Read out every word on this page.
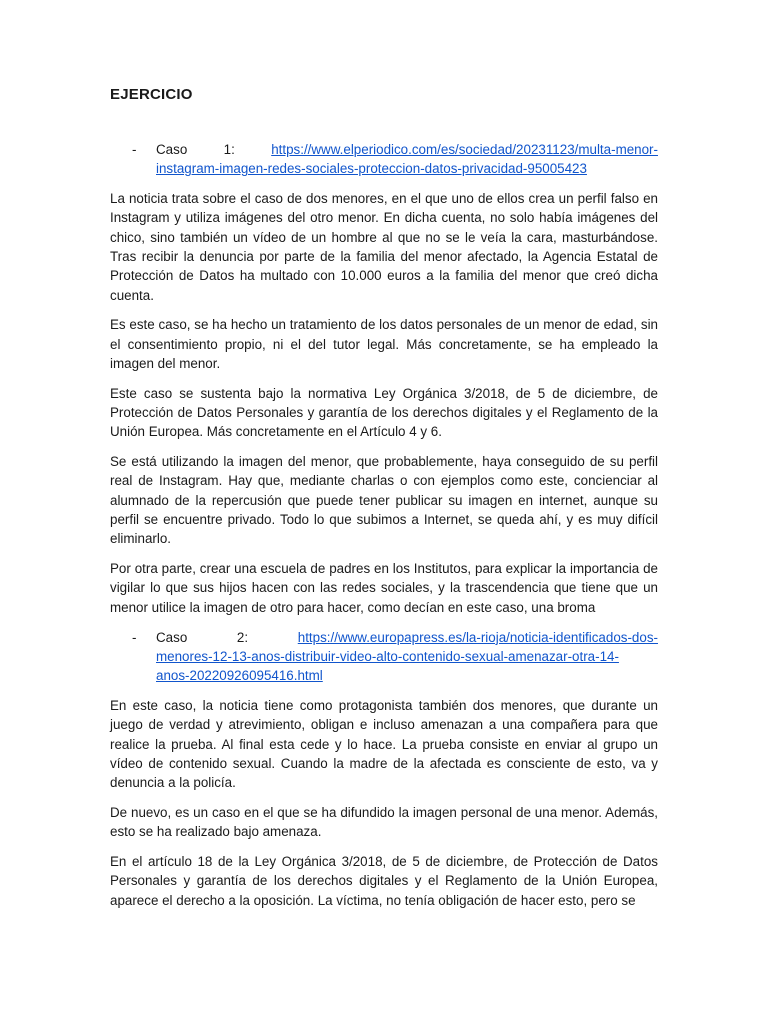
EJERCICIO
- Caso	1:	https://www.elperiodico.com/es/sociedad/20231123/multa-menor-
instagram-imagen-redes-sociales-proteccion-datos-privacidad-95005423

La noticia trata sobre el caso de dos menores, en el que uno de ellos crea un perfil falso en Instagram y utiliza imágenes del otro menor. En dicha cuenta, no solo había imágenes del chico, sino también un vídeo de un hombre al que no se le veía la cara, masturbándose. Tras recibir la denuncia por parte de la familia del menor afectado, la Agencia Estatal de Protección de Datos ha multado con 10.000 euros a la familia del menor que creó dicha cuenta.

Es este caso, se ha hecho un tratamiento de los datos personales de un menor de edad, sin el consentimiento propio, ni el del tutor legal. Más concretamente, se ha empleado la imagen del menor.

Este caso se sustenta bajo la normativa Ley Orgánica 3/2018, de 5 de diciembre, de Protección de Datos Personales y garantía de los derechos digitales y el Reglamento de la Unión Europea. Más concretamente en el Artículo 4 y 6.

Se está utilizando la imagen del menor, que probablemente, haya conseguido de su perfil real de Instagram. Hay que, mediante charlas o con ejemplos como este, concienciar al alumnado de la repercusión que puede tener publicar su imagen en internet, aunque su perfil se encuentre privado. Todo lo que subimos a Internet, se queda ahí, y es muy difícil eliminarlo.

Por otra parte, crear una escuela de padres en los Institutos, para explicar la importancia de vigilar lo que sus hijos hacen con las redes sociales, y la trascendencia que tiene que un menor utilice la imagen de otro para hacer, como decían en este caso, una broma

- Caso	2:	https://www.europapress.es/la-rioja/noticia-identificados-dos-
menores-12-13-anos-distribuir-video-alto-contenido-sexual-amenazar-otra-14-
anos-20220926095416.html

En este caso, la noticia tiene como protagonista también dos menores, que durante un juego de verdad y atrevimiento, obligan e incluso amenazan a una compañera para que realice la prueba. Al final esta cede y lo hace. La prueba consiste en enviar al grupo un vídeo de contenido sexual. Cuando la madre de la afectada es consciente de esto, va y denuncia a la policía.

De nuevo, es un caso en el que se ha difundido la imagen personal de una menor. Además, esto se ha realizado bajo amenaza.

En el artículo 18 de la Ley Orgánica 3/2018, de 5 de diciembre, de Protección de Datos Personales y garantía de los derechos digitales y el Reglamento de la Unión Europea, aparece el derecho a la oposición. La víctima, no tenía obligación de hacer esto, pero se
